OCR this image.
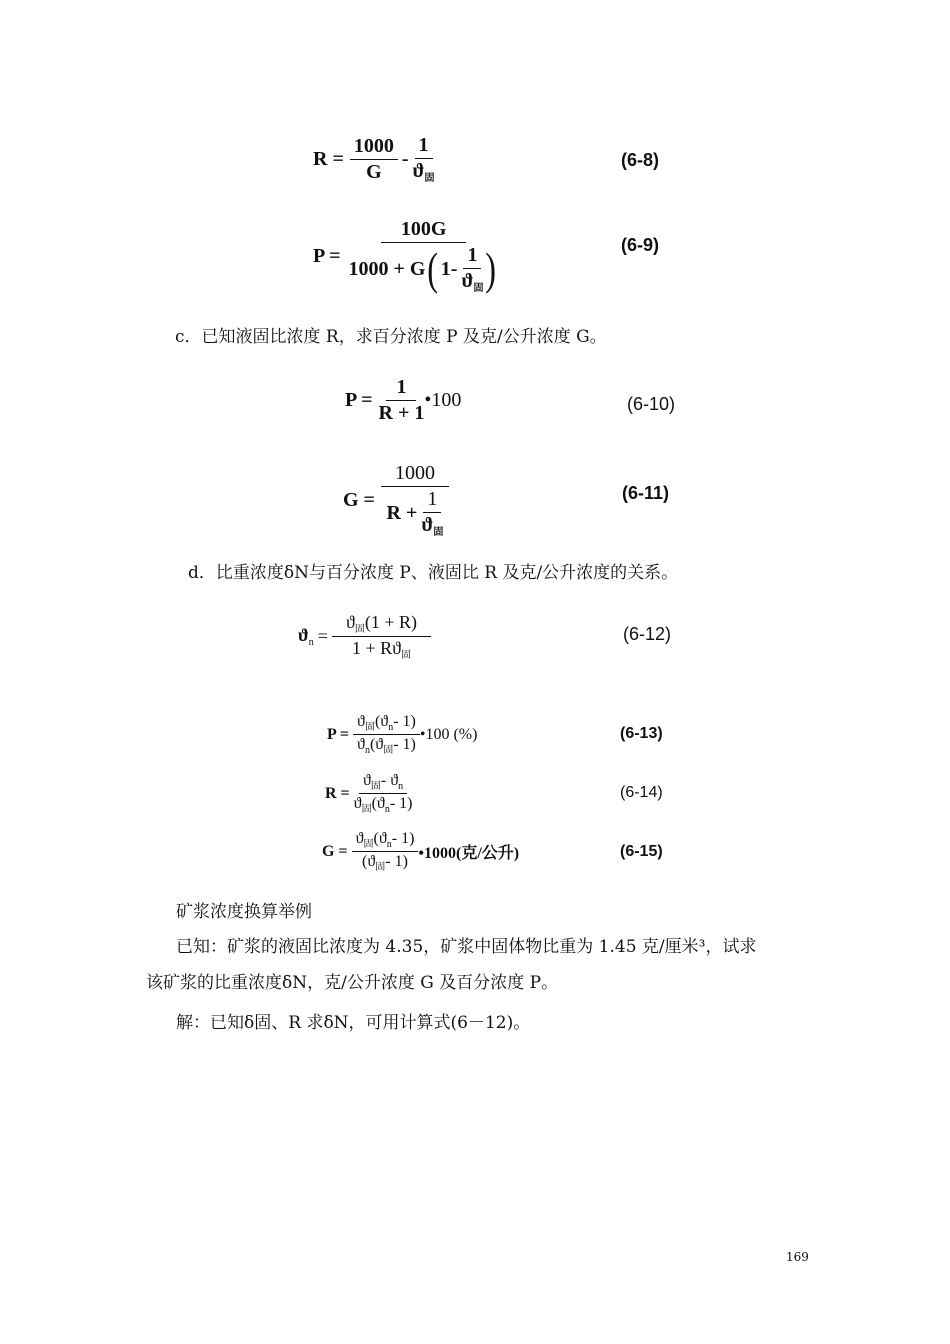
$R = \frac{1000}{G} - \frac{1}{ϑ_固}$	(6-8)
P =
100G
1000 + G ( $1- \frac{1}{ϑ_固}$ )	(6-9)
c．已知液固比浓度 R，求百分浓度 P 及克/公升浓度 G。
$P = \frac{1}{R + 1}$ •100	(6-10)
$G = \frac{1000}{R + \frac{1}{ϑ_固}}$	(6-11)
d．比重浓度δN与百分浓度 P、液固比 R 及克/公升浓度的关系。
$ϑ_n = \frac{ϑ_固(1 + R)}{1 + Rϑ_固}$	(6-12)
$P = \frac{ϑ_固(ϑ_n- 1)}{ϑ_n(ϑ_固- 1)}$ •100 (%)	(6-13)
$R = \frac{ϑ_固- ϑ_n}{ϑ_固(ϑ_n- 1)}$	(6-14)
$G = \frac{ϑ_固(ϑ_n- 1)}{(ϑ_固- 1)}$ •1000(克/公升)	(6-15)
矿浆浓度换算举例
已知：矿浆的液固比浓度为 4.35，矿浆中固体物比重为 1.45 克/厘米³，试求
该矿浆的比重浓度δN，克/公升浓度 G 及百分浓度 P。
解：已知δ固、R 求δN，可用计算式(6－12)。
169
